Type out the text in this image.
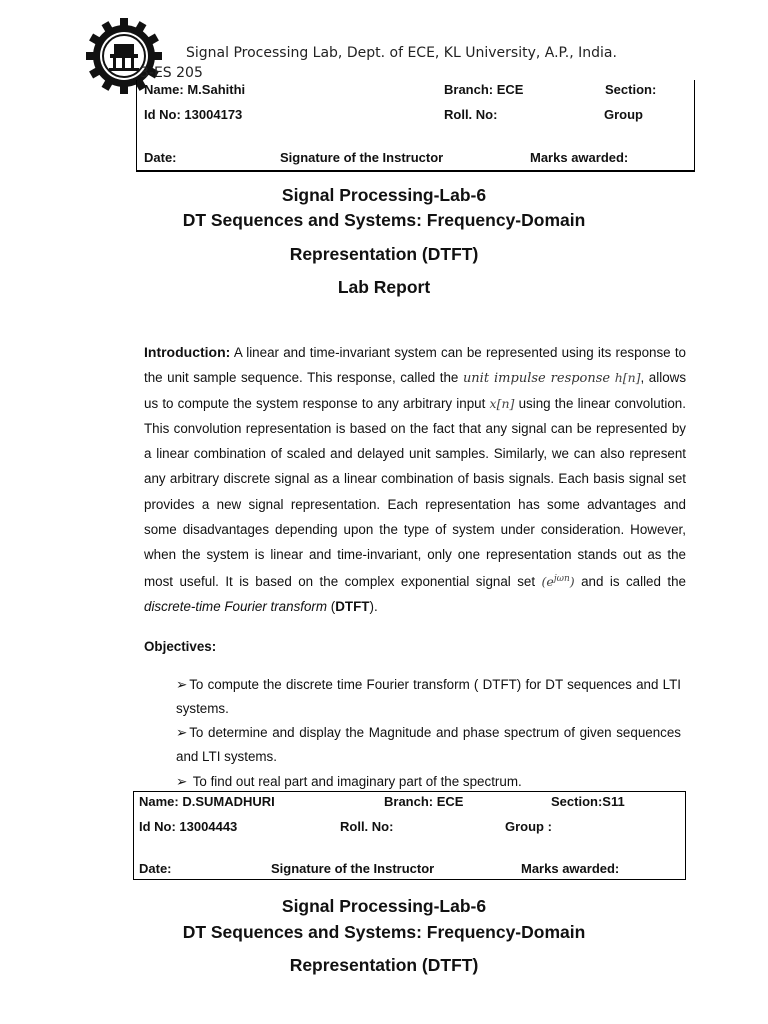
Signal Processing Lab, Dept. of ECE, KL University, A.P., India.
3-ES 205
Name: M.Sahithi	Branch: ECE	Section:
Id No: 13004173	Roll. No:	Group
Date:	Signature of the Instructor	Marks awarded:
Signal Processing-Lab-6
DT Sequences and Systems: Frequency-Domain
Representation (DTFT)
Lab Report
Introduction: A linear and time-invariant system can be represented using its response to the unit sample sequence. This response, called the unit impulse response h[n], allows us to compute the system response to any arbitrary input x[n] using the linear convolution. This convolution representation is based on the fact that any signal can be represented by a linear combination of scaled and delayed unit samples. Similarly, we can also represent any arbitrary discrete signal as a linear combination of basis signals. Each basis signal set provides a new signal representation. Each representation has some advantages and some disadvantages depending upon the type of system under consideration. However, when the system is linear and time-invariant, only one representation stands out as the most useful. It is based on the complex exponential signal set $(e^{j\omega n})$ and is called the discrete-time Fourier transform (DTFT).
Objectives:
➢ To compute the discrete time Fourier transform ( DTFT) for DT sequences and LTI systems.
➢ To determine and display the Magnitude and phase spectrum of given sequences and LTI systems.
➢ To find out real part and imaginary part of the spectrum.
Name: D.SUMADHURI	Branch: ECE	Section:S11
Id No: 13004443	Roll. No:	Group :
Date:	Signature of the Instructor	Marks awarded:
Signal Processing-Lab-6
DT Sequences and Systems: Frequency-Domain
Representation (DTFT)
